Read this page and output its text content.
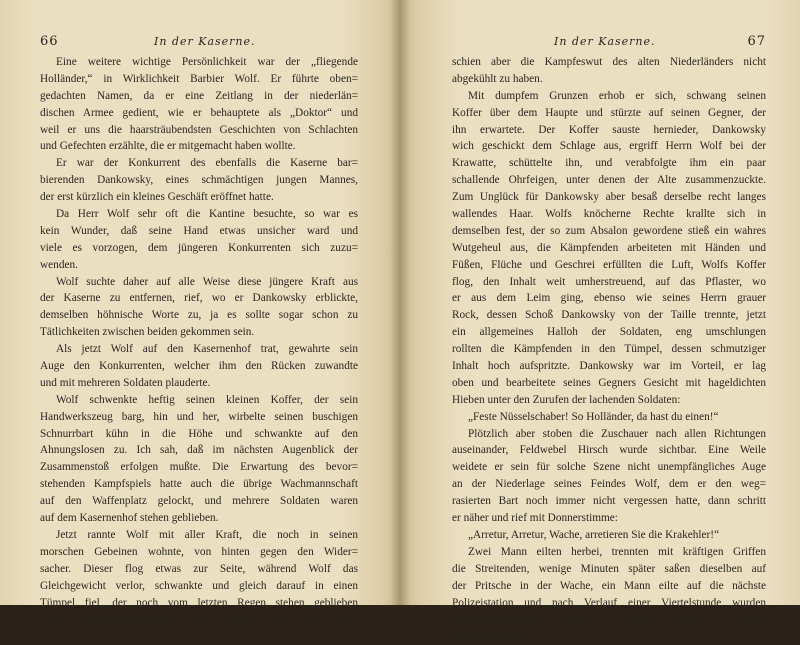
66	In der Kaserne.
Eine weitere wichtige Persönlichkeit war der „fliegende
Holländer,“ in Wirklichkeit Barbier Wolf. Er führte oben=
gedachten Namen, da er eine Zeitlang in der niederlän=
dischen Armee gedient, wie er behauptete als „Doktor“ und
weil er uns die haarsträubendsten Geschichten von Schlachten
und Gefechten erzählte, die er mitgemacht haben wollte.
Er war der Konkurrent des ebenfalls die Kaserne bar=
bierenden Dankowsky, eines schmächtigen jungen Mannes,
der erst kürzlich ein kleines Geschäft eröffnet hatte.
Da Herr Wolf sehr oft die Kantine besuchte, so war es
kein Wunder, daß seine Hand etwas unsicher ward und
viele es vorzogen, dem jüngeren Konkurrenten sich zuzu=
wenden.
Wolf suchte daher auf alle Weise diese jüngere Kraft aus
der Kaserne zu entfernen, rief, wo er Dankowsky erblickte,
demselben höhnische Worte zu, ja es sollte sogar schon zu
Tätlichkeiten zwischen beiden gekommen sein.
Als jetzt Wolf auf den Kasernenhof trat, gewahrte sein
Auge den Konkurrenten, welcher ihm den Rücken zuwandte
und mit mehreren Soldaten plauderte.
Wolf schwenkte heftig seinen kleinen Koffer, der sein
Handwerkszeug barg, hin und her, wirbelte seinen buschigen
Schnurrbart kühn in die Höhe und schwankte auf den
Ahnungslosen zu. Ich sah, daß im nächsten Augenblick der
Zusammenstoß erfolgen mußte. Die Erwartung des bevor=
stehenden Kampfspiels hatte auch die übrige Wachmannschaft
auf den Waffenplatz gelockt, und mehrere Soldaten waren
auf dem Kasernenhof stehen geblieben.
Jetzt rannte Wolf mit aller Kraft, die noch in seinen
morschen Gebeinen wohnte, von hinten gegen den Wider=
sacher. Dieser flog etwas zur Seite, während Wolf das
Gleichgewicht verlor, schwankte und gleich darauf in einen
Tümpel fiel, der noch vom letzten Regen stehen geblieben
war. Lebhaft applaudierten die Soldaten. Dies kalte Bad
In der Kaserne.	67
schien aber die Kampfeswut des alten Niederländers nicht
abgekühlt zu haben.
Mit dumpfem Grunzen erhob er sich, schwang seinen
Koffer über dem Haupte und stürzte auf seinen Gegner, der
ihn erwartete. Der Koffer sauste hernieder, Dankowsky
wich geschickt dem Schlage aus, ergriff Herrn Wolf bei der
Krawatte, schüttelte ihn, und verabfolgte ihm ein paar
schallende Ohrfeigen, unter denen der Alte zusammenzuckte.
Zum Unglück für Dankowsky aber besaß derselbe recht langes
wallendes Haar. Wolfs knöcherne Rechte krallte sich in
demselben fest, der so zum Absalon gewordene stieß ein wahres
Wutgeheul aus, die Kämpfenden arbeiteten mit Händen und
Füßen, Flüche und Geschrei erfüllten die Luft, Wolfs Koffer
flog, den Inhalt weit umherstreuend, auf das Pflaster, wo
er aus dem Leim ging, ebenso wie seines Herrn grauer
Rock, dessen Schoß Dankowsky von der Taille trennte, jetzt
ein allgemeines Halloh der Soldaten, eng umschlungen
rollten die Kämpfenden in den Tümpel, dessen schmutziger
Inhalt hoch aufspritzte. Dankowsky war im Vorteil, er lag
oben und bearbeitete seines Gegners Gesicht mit hageldichten
Hieben unter den Zurufen der lachenden Soldaten:
„Feste Nüsselschaber! So Holländer, da hast du einen!“
Plötzlich aber stoben die Zuschauer nach allen Richtungen
auseinander, Feldwebel Hirsch wurde sichtbar. Eine Weile
weidete er sein für solche Szene nicht unempfängliches Auge
an der Niederlage seines Feindes Wolf, dem er den weg=
rasierten Bart noch immer nicht vergessen hatte, dann schritt
er näher und rief mit Donnerstimme:
„Arretur, Arretur, Wache, arretieren Sie die Krakehler!“
Zwei Mann eilten herbei, trennten mit kräftigen Griffen
die Streitenden, wenige Minuten später saßen dieselben auf
der Pritsche in der Wache, ein Mann eilte auf die nächste
Polizeistation und nach Verlauf einer Viertelstunde wurden
beide wegen groben Unfugs von einem Polizisten in Nummer
Sicher abgeführt.
